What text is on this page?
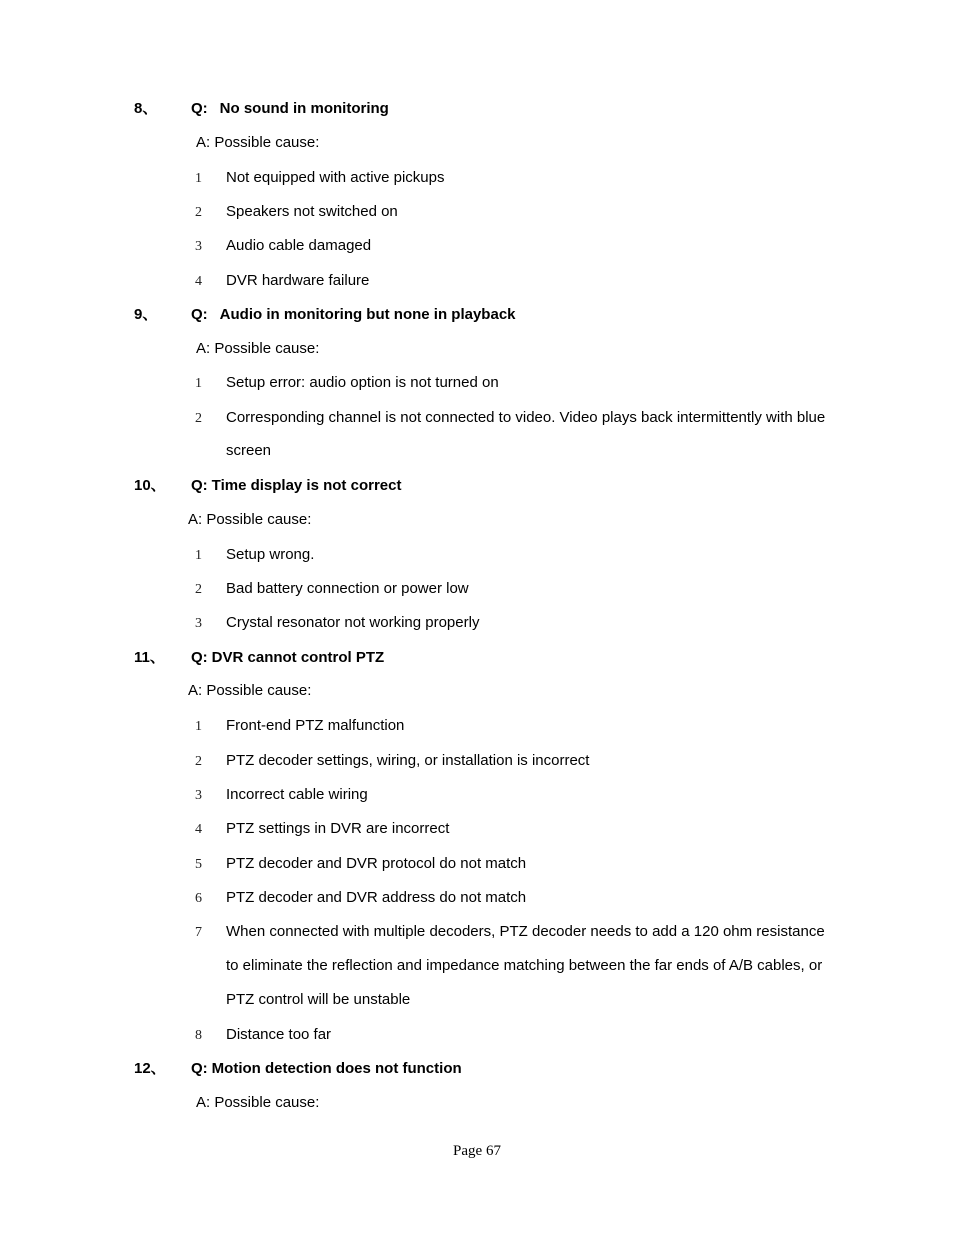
8、 Q: No sound in monitoring
A: Possible cause:
1 Not equipped with active pickups
2 Speakers not switched on
3 Audio cable damaged
4 DVR hardware failure
9、 Q: Audio in monitoring but none in playback
A: Possible cause:
1 Setup error: audio option is not turned on
2 Corresponding channel is not connected to video. Video plays back intermittently with blue
screen
10、 Q: Time display is not correct
A: Possible cause:
1 Setup wrong.
2 Bad battery connection or power low
3 Crystal resonator not working properly
11、 Q: DVR cannot control PTZ
A: Possible cause:
1 Front-end PTZ malfunction
2 PTZ decoder settings, wiring, or installation is incorrect
3 Incorrect cable wiring
4 PTZ settings in DVR are incorrect
5 PTZ decoder and DVR protocol do not match
6 PTZ decoder and DVR address do not match
7 When connected with multiple decoders, PTZ decoder needs to add a 120 ohm resistance
to eliminate the reflection and impedance matching between the far ends of A/B cables, or
PTZ control will be unstable
8 Distance too far
12、 Q: Motion detection does not function
A: Possible cause:
Page 67
